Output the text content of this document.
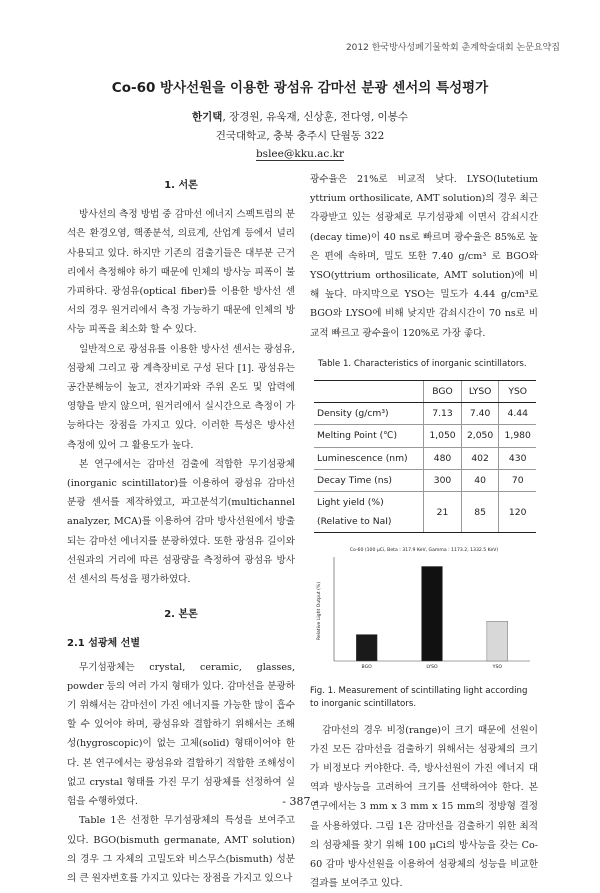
2012 한국방사성폐기물학회 춘계학술대회 논문요약집
Co-60 방사선원을 이용한 광섬유 감마선 분광 센서의 특성평가
한기택, 장경원, 유욱재, 신상훈, 전다영, 이봉수
건국대학교, 충북 충주시 단월동 322
bslee@kku.ac.kr
1. 서론

방사선의 측정 방법 중 감마선 에너지 스펙트럼의 분석은 환경오염, 핵종분석, 의료계, 산업계 등에서 널리 사용되고 있다. 하지만 기존의 검출기들은 대부분 근거리에서 측정해야 하기 때문에 인체의 방사능 피폭이 불가피하다. 광섬유(optical fiber)를 이용한 방사선 센서의 경우 원거리에서 측정 가능하기 때문에 인체의 방사능 피폭을 최소화 할 수 있다.

일반적으로 광섬유를 이용한 방사선 센서는 광섬유, 섬광체 그리고 광 계측장비로 구성 된다 [1]. 광섬유는 공간분해능이 높고, 전자기파와 주위 온도 및 압력에 영향을 받지 않으며, 원거리에서 실시간으로 측정이 가능하다는 장점을 가지고 있다. 이러한 특성은 방사선 측정에 있어 그 활용도가 높다.

본 연구에서는 감마선 검출에 적합한 무기섬광체(inorganic scintillator)를 이용하여 광섬유 감마선 분광 센서를 제작하였고, 파고분석기(multichannel analyzer, MCA)를 이용하여 감마 방사선원에서 방출되는 감마선 에너지를 분광하였다. 또한 광섬유 길이와 선원과의 거리에 따른 섬광량을 측정하여 광섬유 방사선 센서의 특성을 평가하였다.

2. 본론
2.1 섬광체 선별

무기섬광체는 crystal, ceramic, glasses, powder 등의 여러 가지 형태가 있다. 감마선을 분광하기 위해서는 감마선이 가진 에너지를 가능한 많이 흡수할 수 있어야 하며, 광섬유와 결합하기 위해서는 조해성(hygroscopic)이 없는 고체(solid) 형태이어야 한다. 본 연구에서는 광섬유와 결합하기 적합한 조해성이 없고 crystal 형태를 가진 무기 섬광체를 선정하여 실험을 수행하였다.

Table 1은 선정한 무기섬광체의 특성을 보여주고 있다. BGO(bismuth germanate, AMT solution)의 경우 그 자체의 고밀도와 비스무스(bismuth) 성분의 큰 원자번호를 가지고 있다는 장점을 가지고 있으나

광수율은 21%로 비교적 낮다. LYSO(lutetium yttrium orthosilicate, AMT solution)의 경우 최근 각광받고 있는 섬광체로 무기섬광체 이면서 감쇠시간(decay time)이 40 ns로 빠르며 광수율은 85%로 높은 편에 속하며, 밀도 또한 7.40 g/cm³ 로 BGO와 YSO(yttrium orthosilicate, AMT solution)에 비해 높다. 마지막으로 YSO는 밀도가 4.44 g/cm³로 BGO와 LYSO에 비해 낮지만 감쇠시간이 70 ns로 비교적 빠르고 광수율이 120%로 가장 좋다.

Table 1. Characteristics of inorganic scintillators.
	BGO	LYSO	YSO
Density (g/cm³)	7.13	7.40	4.44
Melting Point (℃)	1,050	2,050	1,980
Luminescence (nm)	480	402	430
Decay Time (ns)	300	40	70
Light yield (%)
(Relative to NaI)	21	85	120
Co-60 (100 μCi, Beta : 317.9 KeV, Gamma : 1173.2, 1332.5 KeV)
Relative Light Output (%)
BGO	LYSO	YSO
Fig. 1. Measurement of scintillating light according to inorganic scintillators.

감마선의 경우 비정(range)이 크기 때문에 선원이 가진 모든 감마선을 검출하기 위해서는 섬광체의 크기가 비정보다 커야한다. 즉, 방사선원이 가진 에너지 대역과 방사능을 고려하여 크기를 선택하여야 한다. 본 연구에서는 3 mm x 3 mm x 15 mm의 정방형 결정을 사용하였다. 그림 1은 감마선을 검출하기 위한 최적의 섬광체를 찾기 위해 100 μCi의 방사능을 갖는 Co-60 감마 방사선원을 이용하여 섬광체의 성능을 비교한 결과를 보여주고 있다.

- 387 -
